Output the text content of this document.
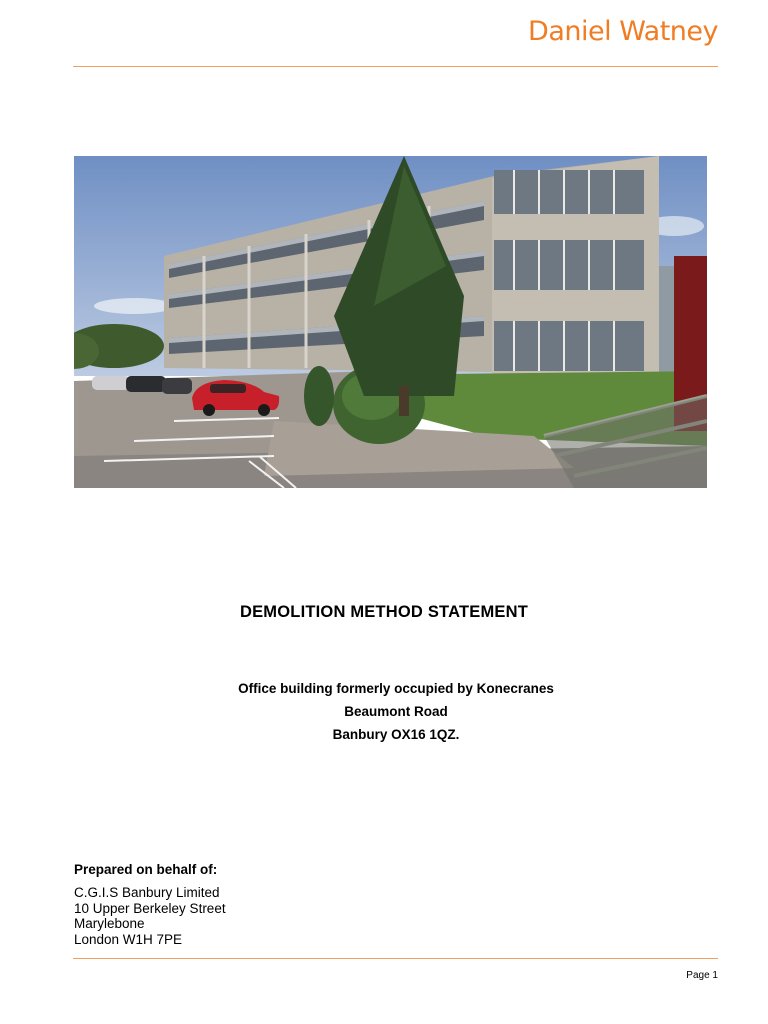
Daniel Watney
DEMOLITION METHOD STATEMENT
Office building formerly occupied by Konecranes
Beaumont Road
Banbury OX16 1QZ.
Prepared on behalf of:
C.G.I.S Banbury Limited
10 Upper Berkeley Street
Marylebone
London W1H 7PE
Page 1
